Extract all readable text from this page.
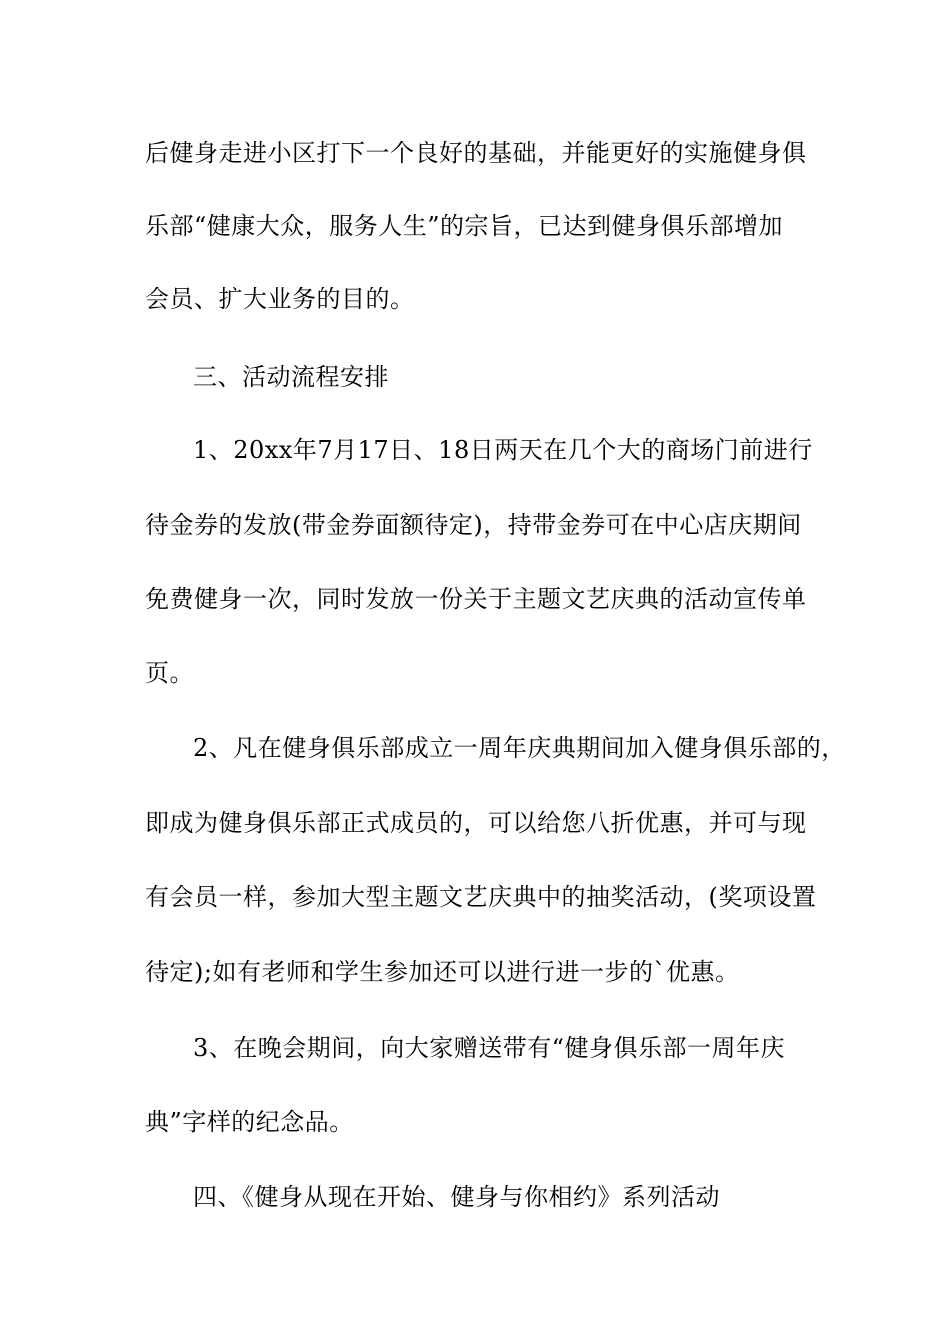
后健身走进小区打下一个良好的基础，并能更好的实施健身俱
乐部“健康大众，服务人生”的宗旨，已达到健身俱乐部增加
会员、扩大业务的目的。
三、活动流程安排
1、20xx年7月17日、18日两天在几个大的商场门前进行
待金券的发放(带金券面额待定)，持带金券可在中心店庆期间
免费健身一次，同时发放一份关于主题文艺庆典的活动宣传单
页。
2、凡在健身俱乐部成立一周年庆典期间加入健身俱乐部的，
即成为健身俱乐部正式成员的，可以给您八折优惠，并可与现
有会员一样，参加大型主题文艺庆典中的抽奖活动，(奖项设置
待定);如有老师和学生参加还可以进行进一步的`优惠。
3、在晚会期间，向大家赠送带有“健身俱乐部一周年庆
典”字样的纪念品。
四、《健身从现在开始、健身与你相约》系列活动
